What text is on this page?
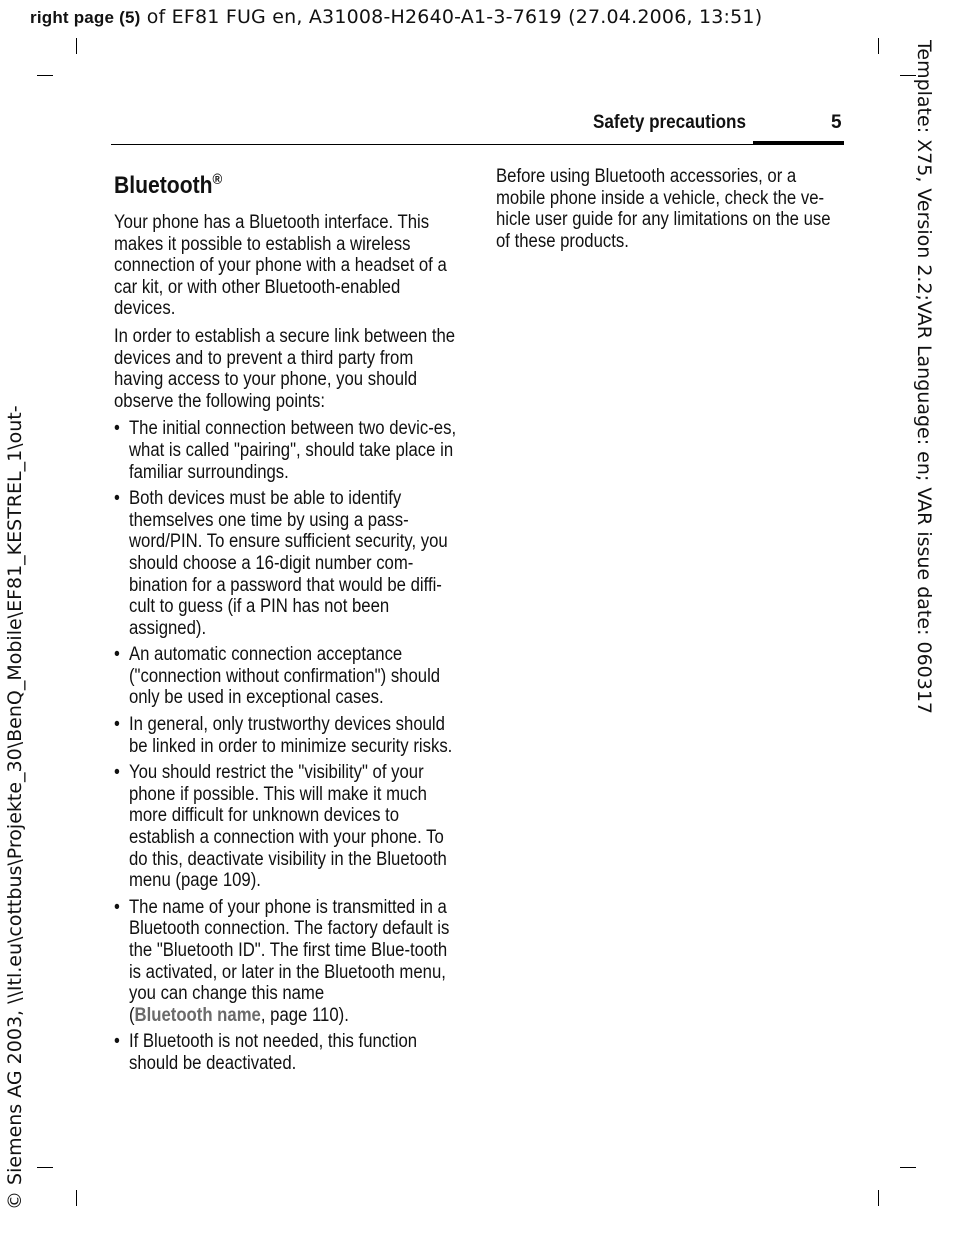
right page (5) of EF81 FUG en, A31008-H2640-A1-3-7619 (27.04.2006, 13:51)
Safety precautions	5
Bluetooth®

Your phone has a Bluetooth interface. This makes it possible to establish a wireless connection of your phone with a headset of a car kit, or with other Bluetooth-enabled devices.

In order to establish a secure link between the devices and to prevent a third party from having access to your phone, you should observe the following points:

• The initial connection between two devic-es, what is called "pairing", should take place in familiar surroundings.
• Both devices must be able to identify themselves one time by using a pass-word/PIN. To ensure sufficient security, you should choose a 16-digit number com-bination for a password that would be diffi-cult to guess (if a PIN has not been assigned).
• An automatic connection acceptance ("connection without confirmation") should only be used in exceptional cases.
• In general, only trustworthy devices should be linked in order to minimize security risks.
• You should restrict the "visibility" of your phone if possible. This will make it much more difficult for unknown devices to establish a connection with your phone. To do this, deactivate visibility in the Bluetooth menu (page 109).
• The name of your phone is transmitted in a Bluetooth connection. The factory default is the "Bluetooth ID". The first time Blue-tooth is activated, or later in the Bluetooth menu, you can change this name
(Bluetooth name, page 110).
• If Bluetooth is not needed, this function should be deactivated.

Before using Bluetooth accessories, or a mobile phone inside a vehicle, check the ve-hicle user guide for any limitations on the use of these products.	Template: X75, Version 2.2;VAR Language: en; VAR issue date: 060317
© Siemens AG 2003, \\Itl.eu\cottbus\Projekte_30\BenQ_Mobile\EF81_KESTREL_1\out-
